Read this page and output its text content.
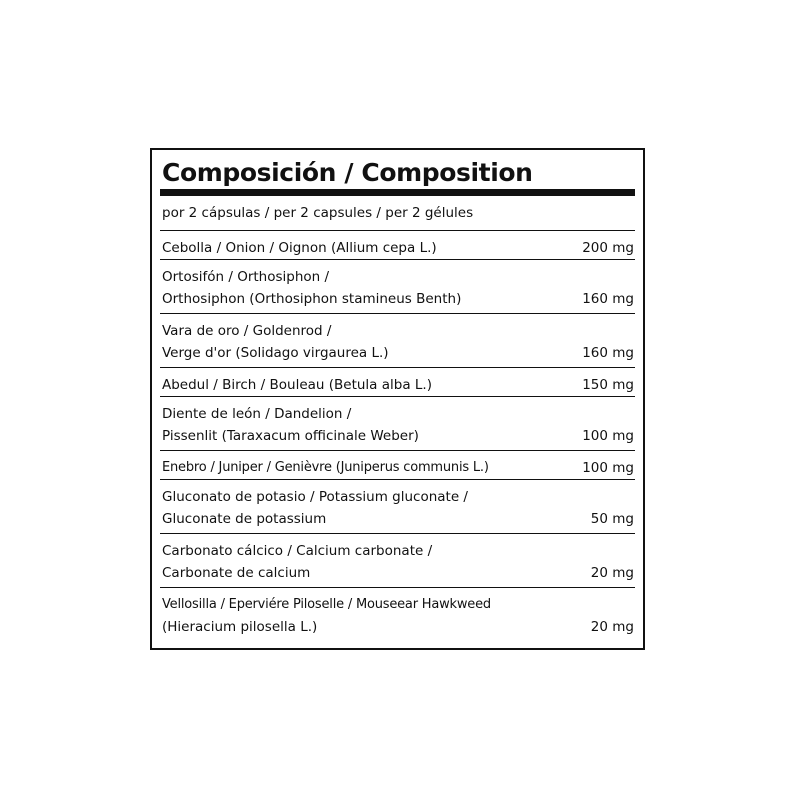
Composición / Composition
por 2 cápsulas / per 2 capsules / per 2 gélules
Cebolla / Onion / Oignon (Allium cepa L.)	200 mg
Ortosifón / Orthosiphon /
Orthosiphon (Orthosiphon stamineus Benth)	160 mg
Vara de oro / Goldenrod /
Verge d'or (Solidago virgaurea L.)	160 mg
Abedul / Birch / Bouleau (Betula alba L.)	150 mg
Diente de león / Dandelion /
Pissenlit (Taraxacum officinale Weber)	100 mg
Enebro / Juniper / Genièvre (Juniperus communis L.)	100 mg
Gluconato de potasio / Potassium gluconate /
Gluconate de potassium	50 mg
Carbonato cálcico / Calcium carbonate /
Carbonate de calcium	20 mg
Vellosilla / Eperviére Piloselle / Mouseear Hawkweed
(Hieracium pilosella L.)	20 mg
